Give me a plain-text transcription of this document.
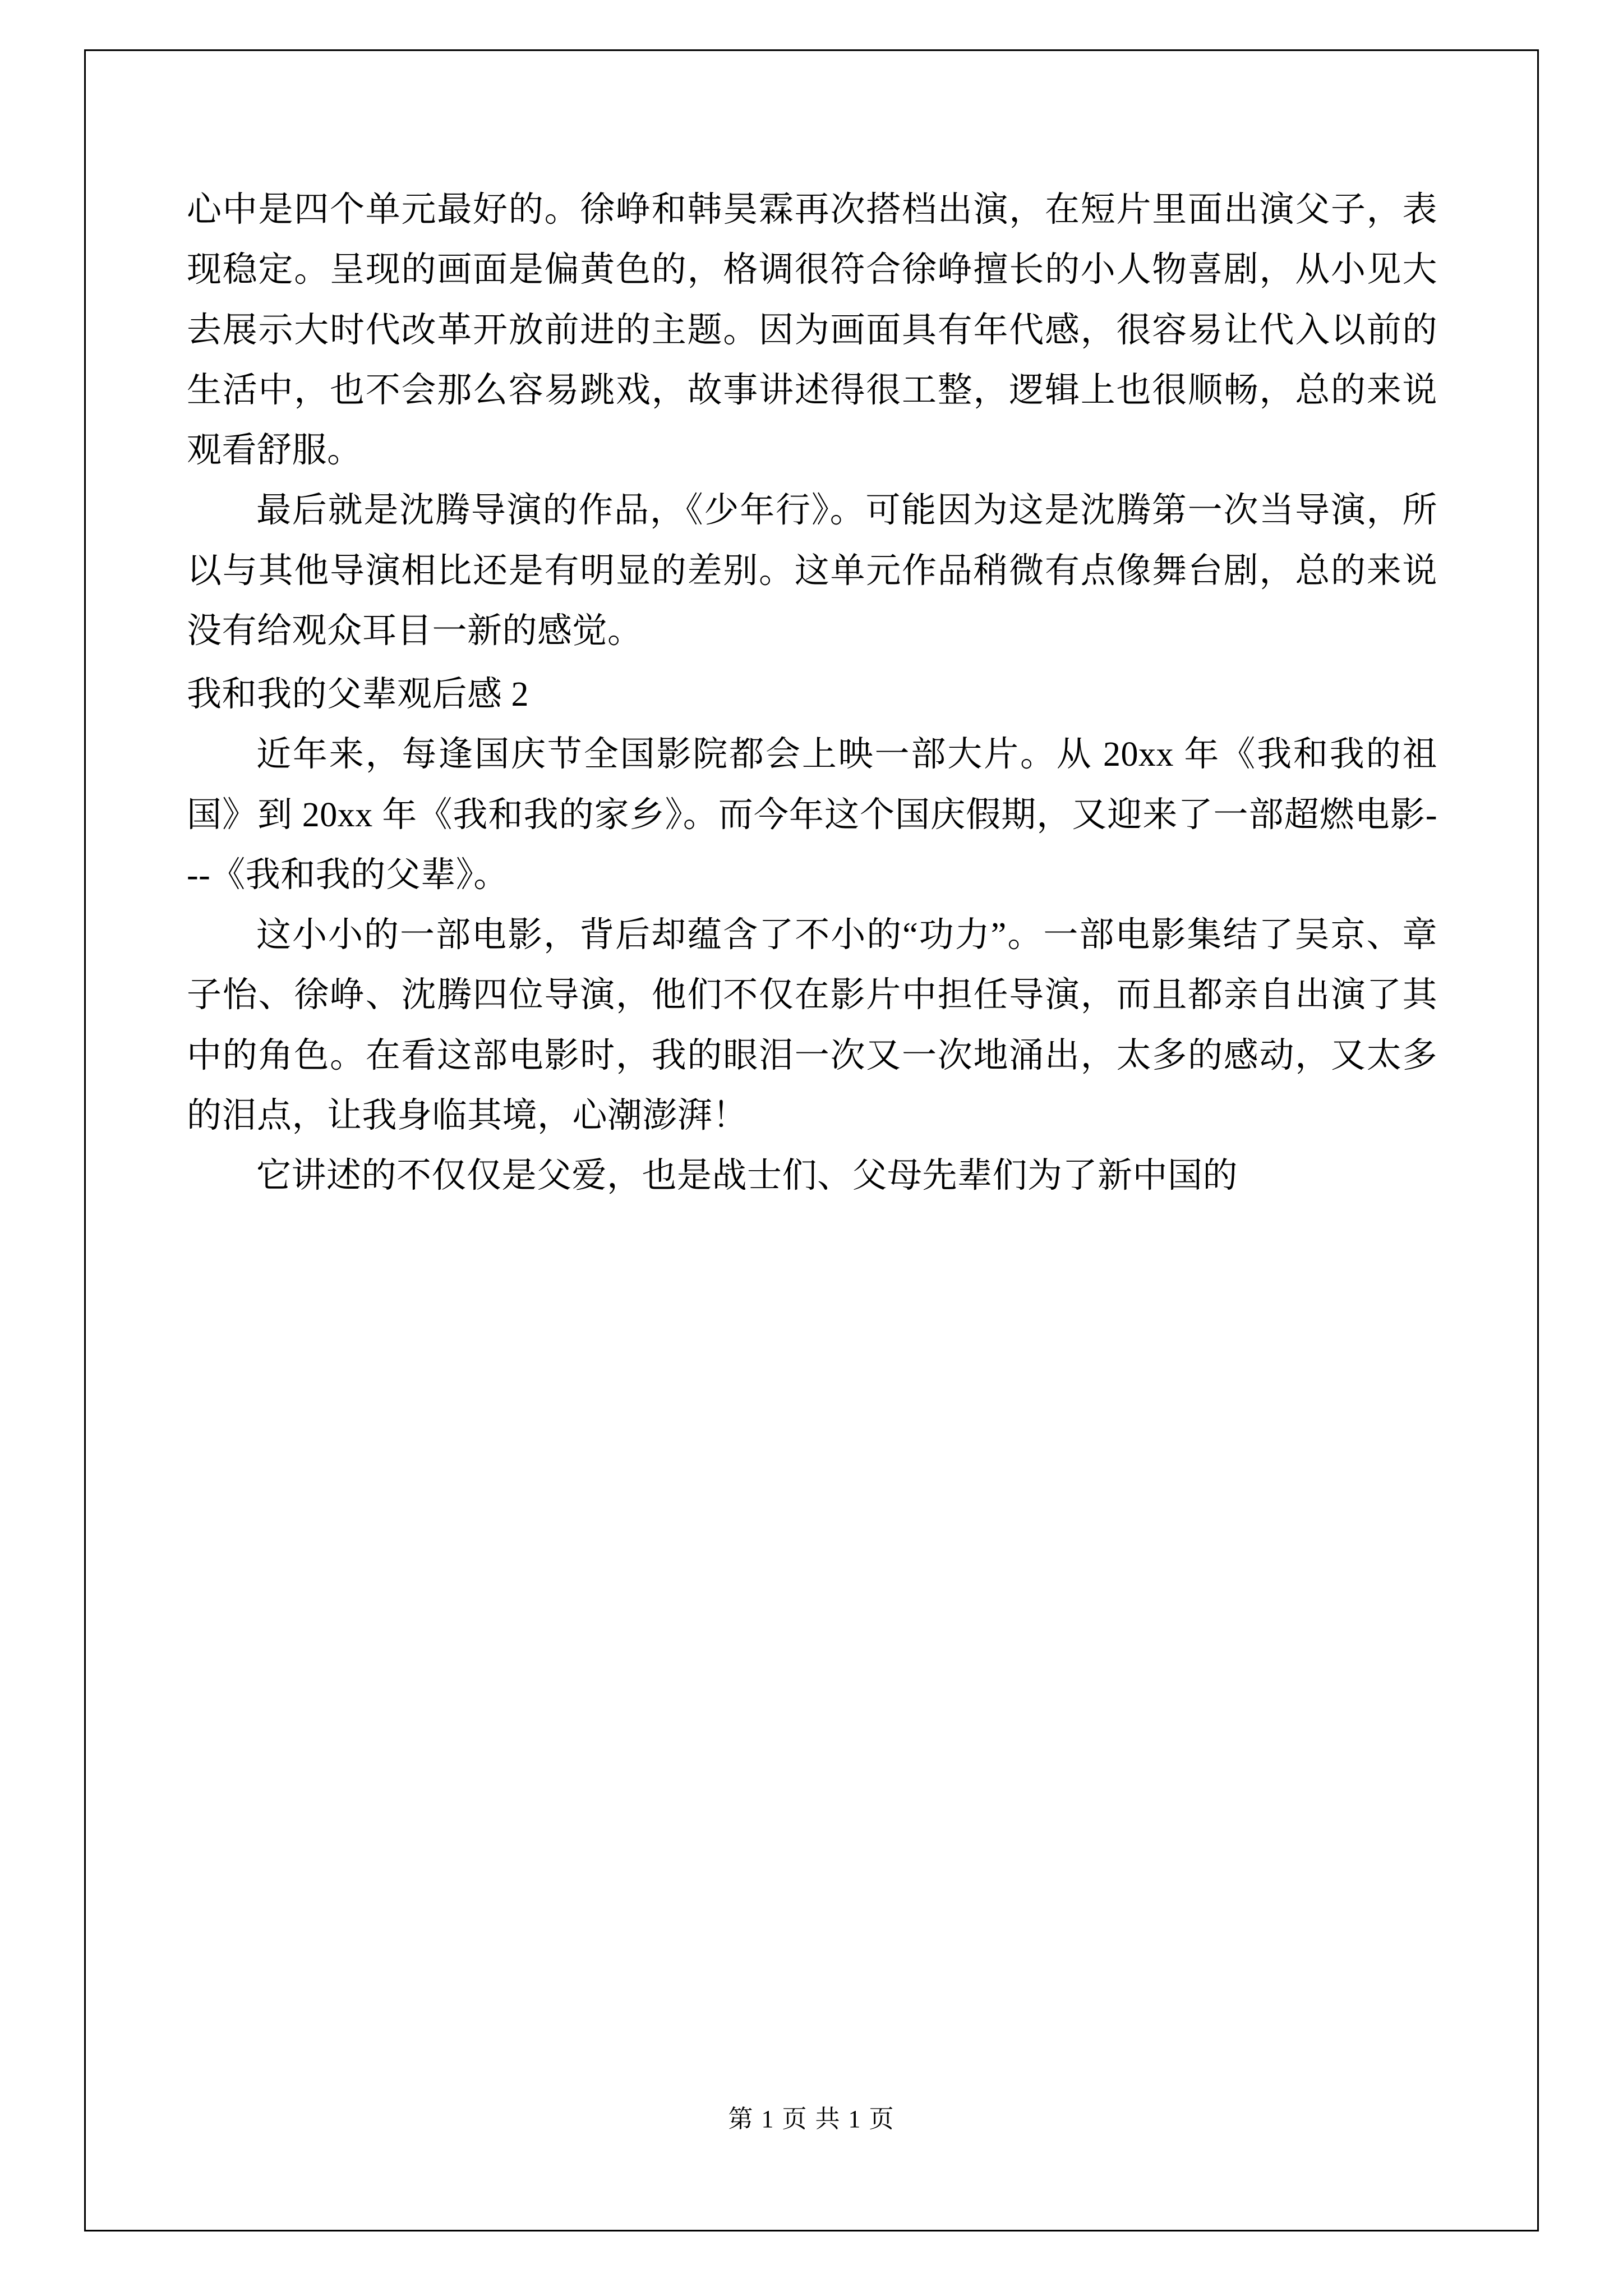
心中是四个单元最好的。徐峥和韩昊霖再次搭档出演，在短片里面出演父子，表现稳定。呈现的画面是偏黄色的，格调很符合徐峥擅长的小人物喜剧，从小见大去展示大时代改革开放前进的主题。因为画面具有年代感，很容易让代入以前的生活中，也不会那么容易跳戏，故事讲述得很工整，逻辑上也很顺畅，总的来说观看舒服。

最后就是沈腾导演的作品，《少年行》。可能因为这是沈腾第一次当导演，所以与其他导演相比还是有明显的差别。这单元作品稍微有点像舞台剧，总的来说没有给观众耳目一新的感觉。

我和我的父辈观后感 2

近年来，每逢国庆节全国影院都会上映一部大片。从 20xx 年《我和我的祖国》到 20xx 年《我和我的家乡》。而今年这个国庆假期，又迎来了一部超燃电影---《我和我的父辈》。

这小小的一部电影，背后却蕴含了不小的“功力”。一部电影集结了吴京、章子怡、徐峥、沈腾四位导演，他们不仅在影片中担任导演，而且都亲自出演了其中的角色。在看这部电影时，我的眼泪一次又一次地涌出，太多的感动，又太多的泪点，让我身临其境，心潮澎湃！

它讲述的不仅仅是父爱，也是战士们、父母先辈们为了新中国的

第 1 页 共 1 页
